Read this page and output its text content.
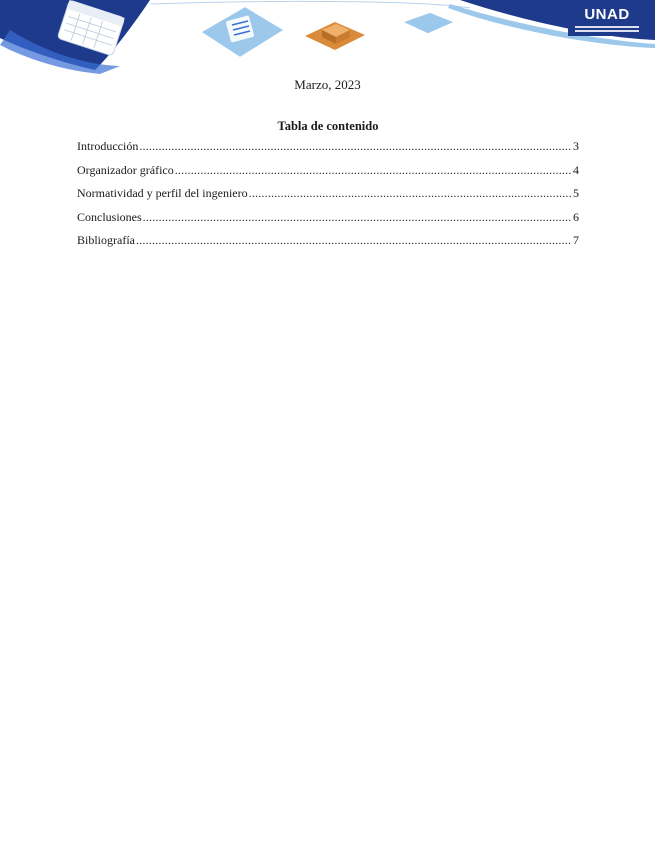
UNAD
Marzo, 2023
Tabla de contenido
Introducción .....	3
Organizador gráfico .....	4
Normatividad y perfil del ingeniero .....	5
Conclusiones .....	6
Bibliografía .....	7
